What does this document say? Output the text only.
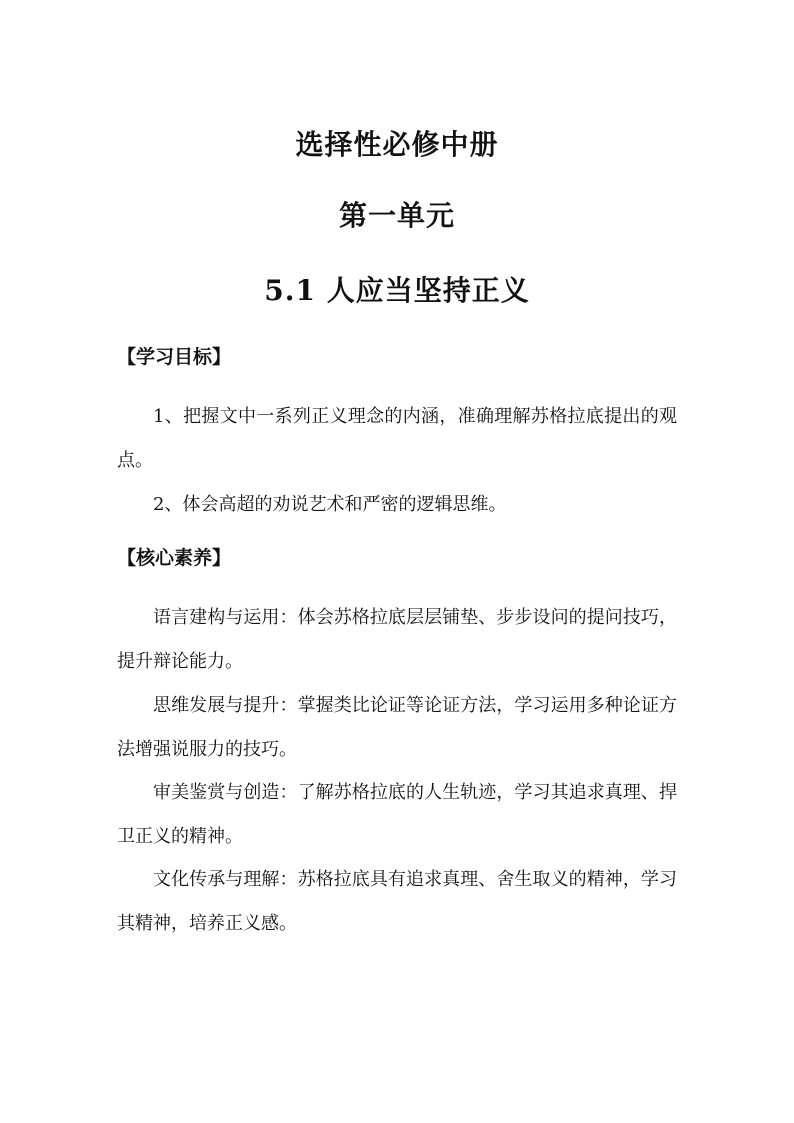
选择性必修中册
第一单元
5.1 人应当坚持正义
【学习目标】

1、把握文中一系列正义理念的内涵，准确理解苏格拉底提出的观点。

2、体会高超的劝说艺术和严密的逻辑思维。

【核心素养】

语言建构与运用：体会苏格拉底层层铺垫、步步设问的提问技巧，提升辩论能力。

思维发展与提升：掌握类比论证等论证方法，学习运用多种论证方法增强说服力的技巧。

审美鉴赏与创造：了解苏格拉底的人生轨迹，学习其追求真理、捍卫正义的精神。

文化传承与理解：苏格拉底具有追求真理、舍生取义的精神，学习其精神，培养正义感。
